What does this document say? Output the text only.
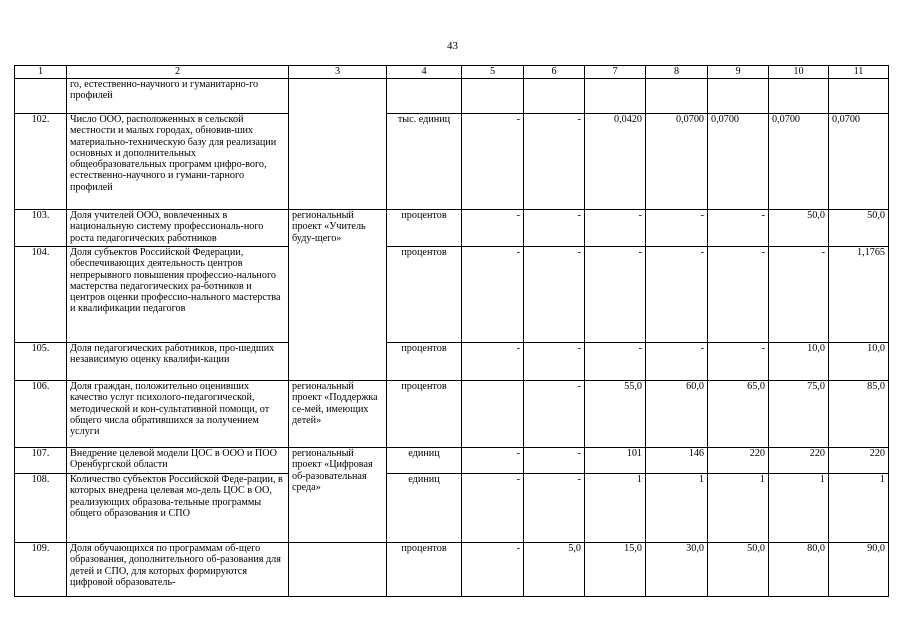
43
1	2	3	4	5	6	7	8	9	10	11
	го, естественно-научного и гуманитарно-го профилей									
102.	Число ООО, расположенных в сельской местности и малых городах, обновив-ших материально-техническую базу для реализации основных и дополнительных общеобразовательных программ цифро-вого, естественно-научного и гумани-тарного профилей		тыс. единиц	-	-	0,0420	0,0700	0,0700	0,0700	0,0700
103.	Доля учителей ООО, вовлеченных в национальную систему профессиональ-ного роста педагогических работников	региональный проект «Учитель буду-щего»	процентов	-	-	-	-	-	50,0	50,0
104.	Доля субъектов Российской Федерации, обеспечивающих деятельность центров непрерывного повышения профессио-нального мастерства педагогических ра-ботников и центров оценки профессио-нального мастерства и квалификации педагогов		процентов	-	-	-	-	-	-	1,1765
105.	Доля педагогических работников, про-шедших независимую оценку квалифи-кации		процентов	-	-	-	-	-	10,0	10,0
106.	Доля граждан, положительно оценивших качество услуг психолого-педагогической, методической и кон-сультативной помощи, от общего числа обратившихся за получением услуги	региональный проект «Поддержка се-мей, имеющих детей»	процентов		-	55,0	60,0	65,0	75,0	85,0
107.	Внедрение целевой модели ЦОС в ООО и ПОО Оренбургской области	региональный проект «Цифровая об-разовательная среда»	единиц	-	-	101	146	220	220	220
108.	Количество субъектов Российской Феде-рации, в которых внедрена целевая мо-дель ЦОС в ОО, реализующих образова-тельные программы общего образования и СПО		единиц	-	-	1	1	1	1	1
109.	Доля обучающихся по программам об-щего образования, дополнительного об-разования для детей и СПО, для которых формируются цифровой образователь-		процентов	-	5,0	15,0	30,0	50,0	80,0	90,0
